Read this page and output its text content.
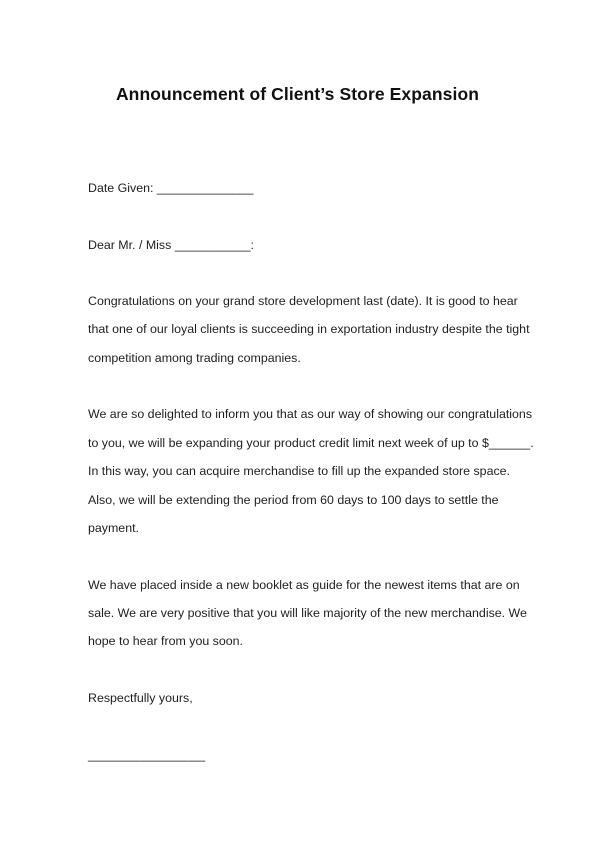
Announcement of Client’s Store Expansion
Date Given: ______________
Dear Mr. / Miss ___________:
Congratulations on your grand store development last (date). It is good to hear
that one of our loyal clients is succeeding in exportation industry despite the tight
competition among trading companies.
We are so delighted to inform you that as our way of showing our congratulations
to you, we will be expanding your product credit limit next week of up to $______.
In this way, you can acquire merchandise to fill up the expanded store space.
Also, we will be extending the period from 60 days to 100 days to settle the
payment.
We have placed inside a new booklet as guide for the newest items that are on
sale. We are very positive that you will like majority of the new merchandise. We
hope to hear from you soon.
Respectfully yours,
_________________
